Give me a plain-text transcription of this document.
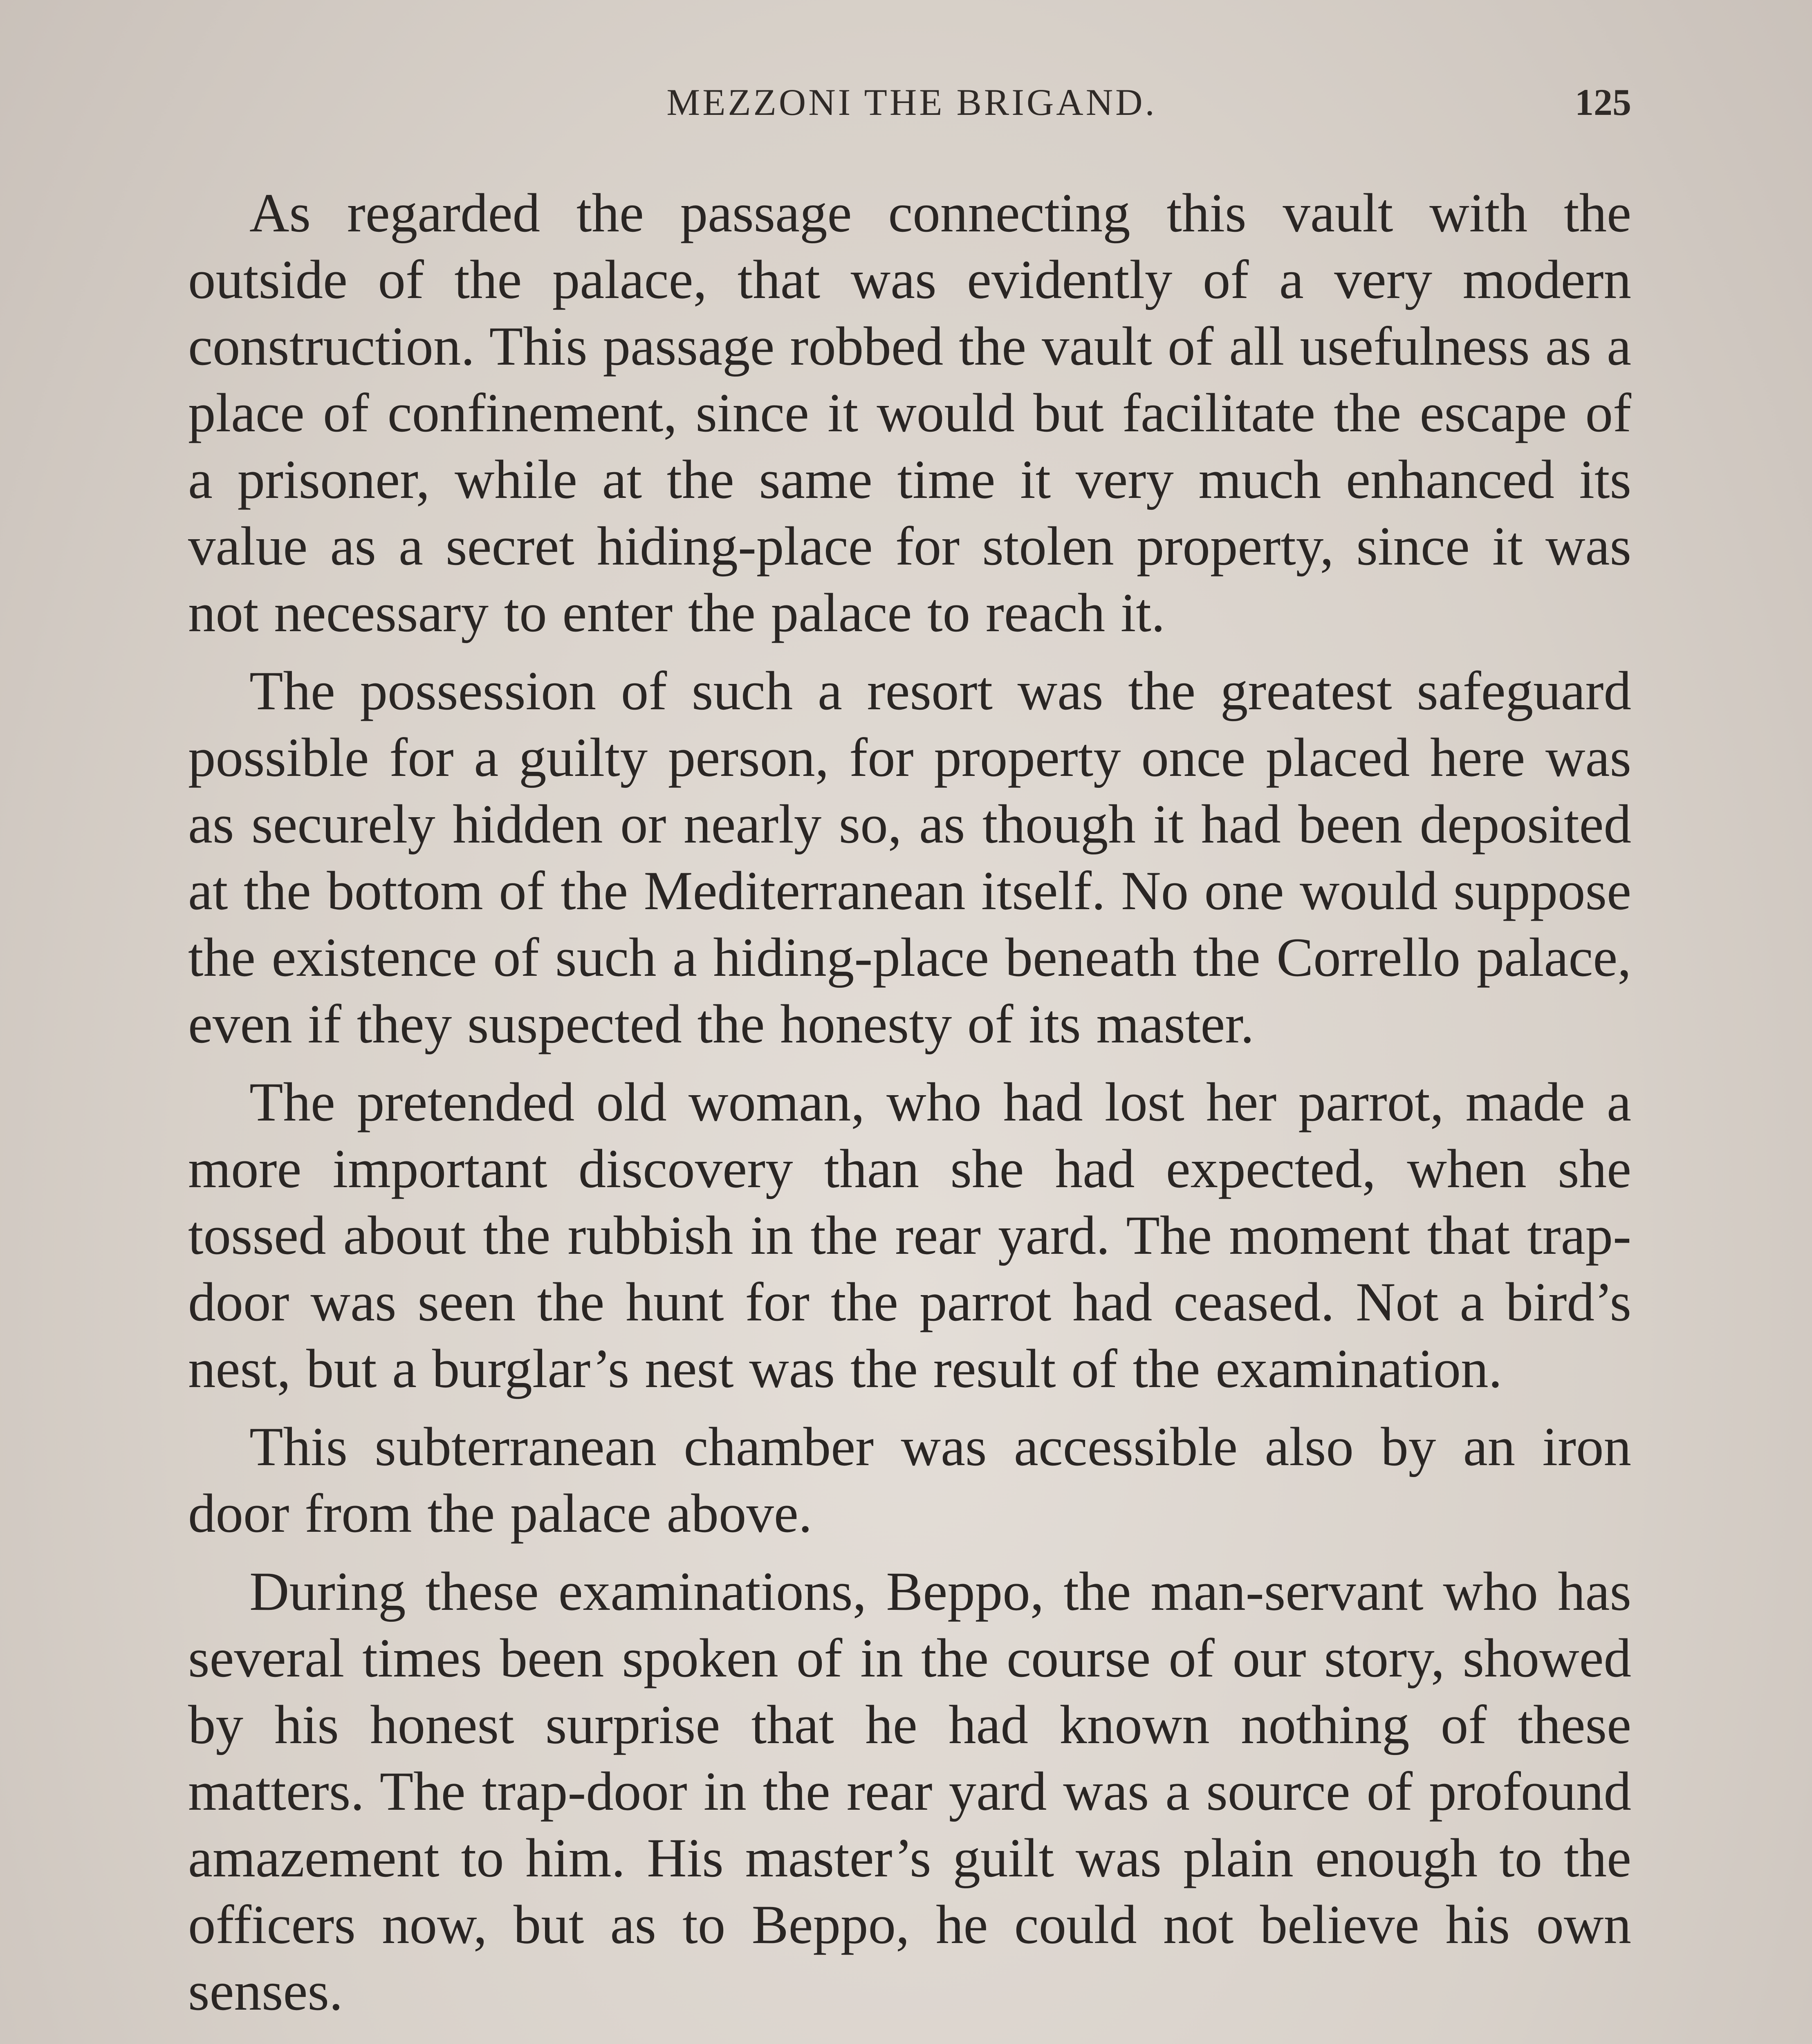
MEZZONI THE BRIGAND.	125

As regarded the passage connecting this vault with the outside of the palace, that was evidently of a very modern construction. This passage robbed the vault of all usefulness as a place of confinement, since it would but facilitate the escape of a prisoner, while at the same time it very much enhanced its value as a secret hiding-place for stolen property, since it was not necessary to enter the palace to reach it.

The possession of such a resort was the greatest safeguard possible for a guilty person, for property once placed here was as securely hidden or nearly so, as though it had been deposited at the bottom of the Mediterranean itself. No one would suppose the existence of such a hiding-place beneath the Corrello palace, even if they suspected the honesty of its master.

The pretended old woman, who had lost her parrot, made a more important discovery than she had expected, when she tossed about the rubbish in the rear yard. The moment that trap-door was seen the hunt for the parrot had ceased. Not a bird’s nest, but a burglar’s nest was the result of the examination.

This subterranean chamber was accessible also by an iron door from the palace above.

During these examinations, Beppo, the man-servant who has several times been spoken of in the course of our story, showed by his honest surprise that he had known nothing of these matters. The trap-door in the rear yard was a source of profound amazement to him. His master’s guilt was plain enough to the officers now, but as to Beppo, he could not believe his own senses.
